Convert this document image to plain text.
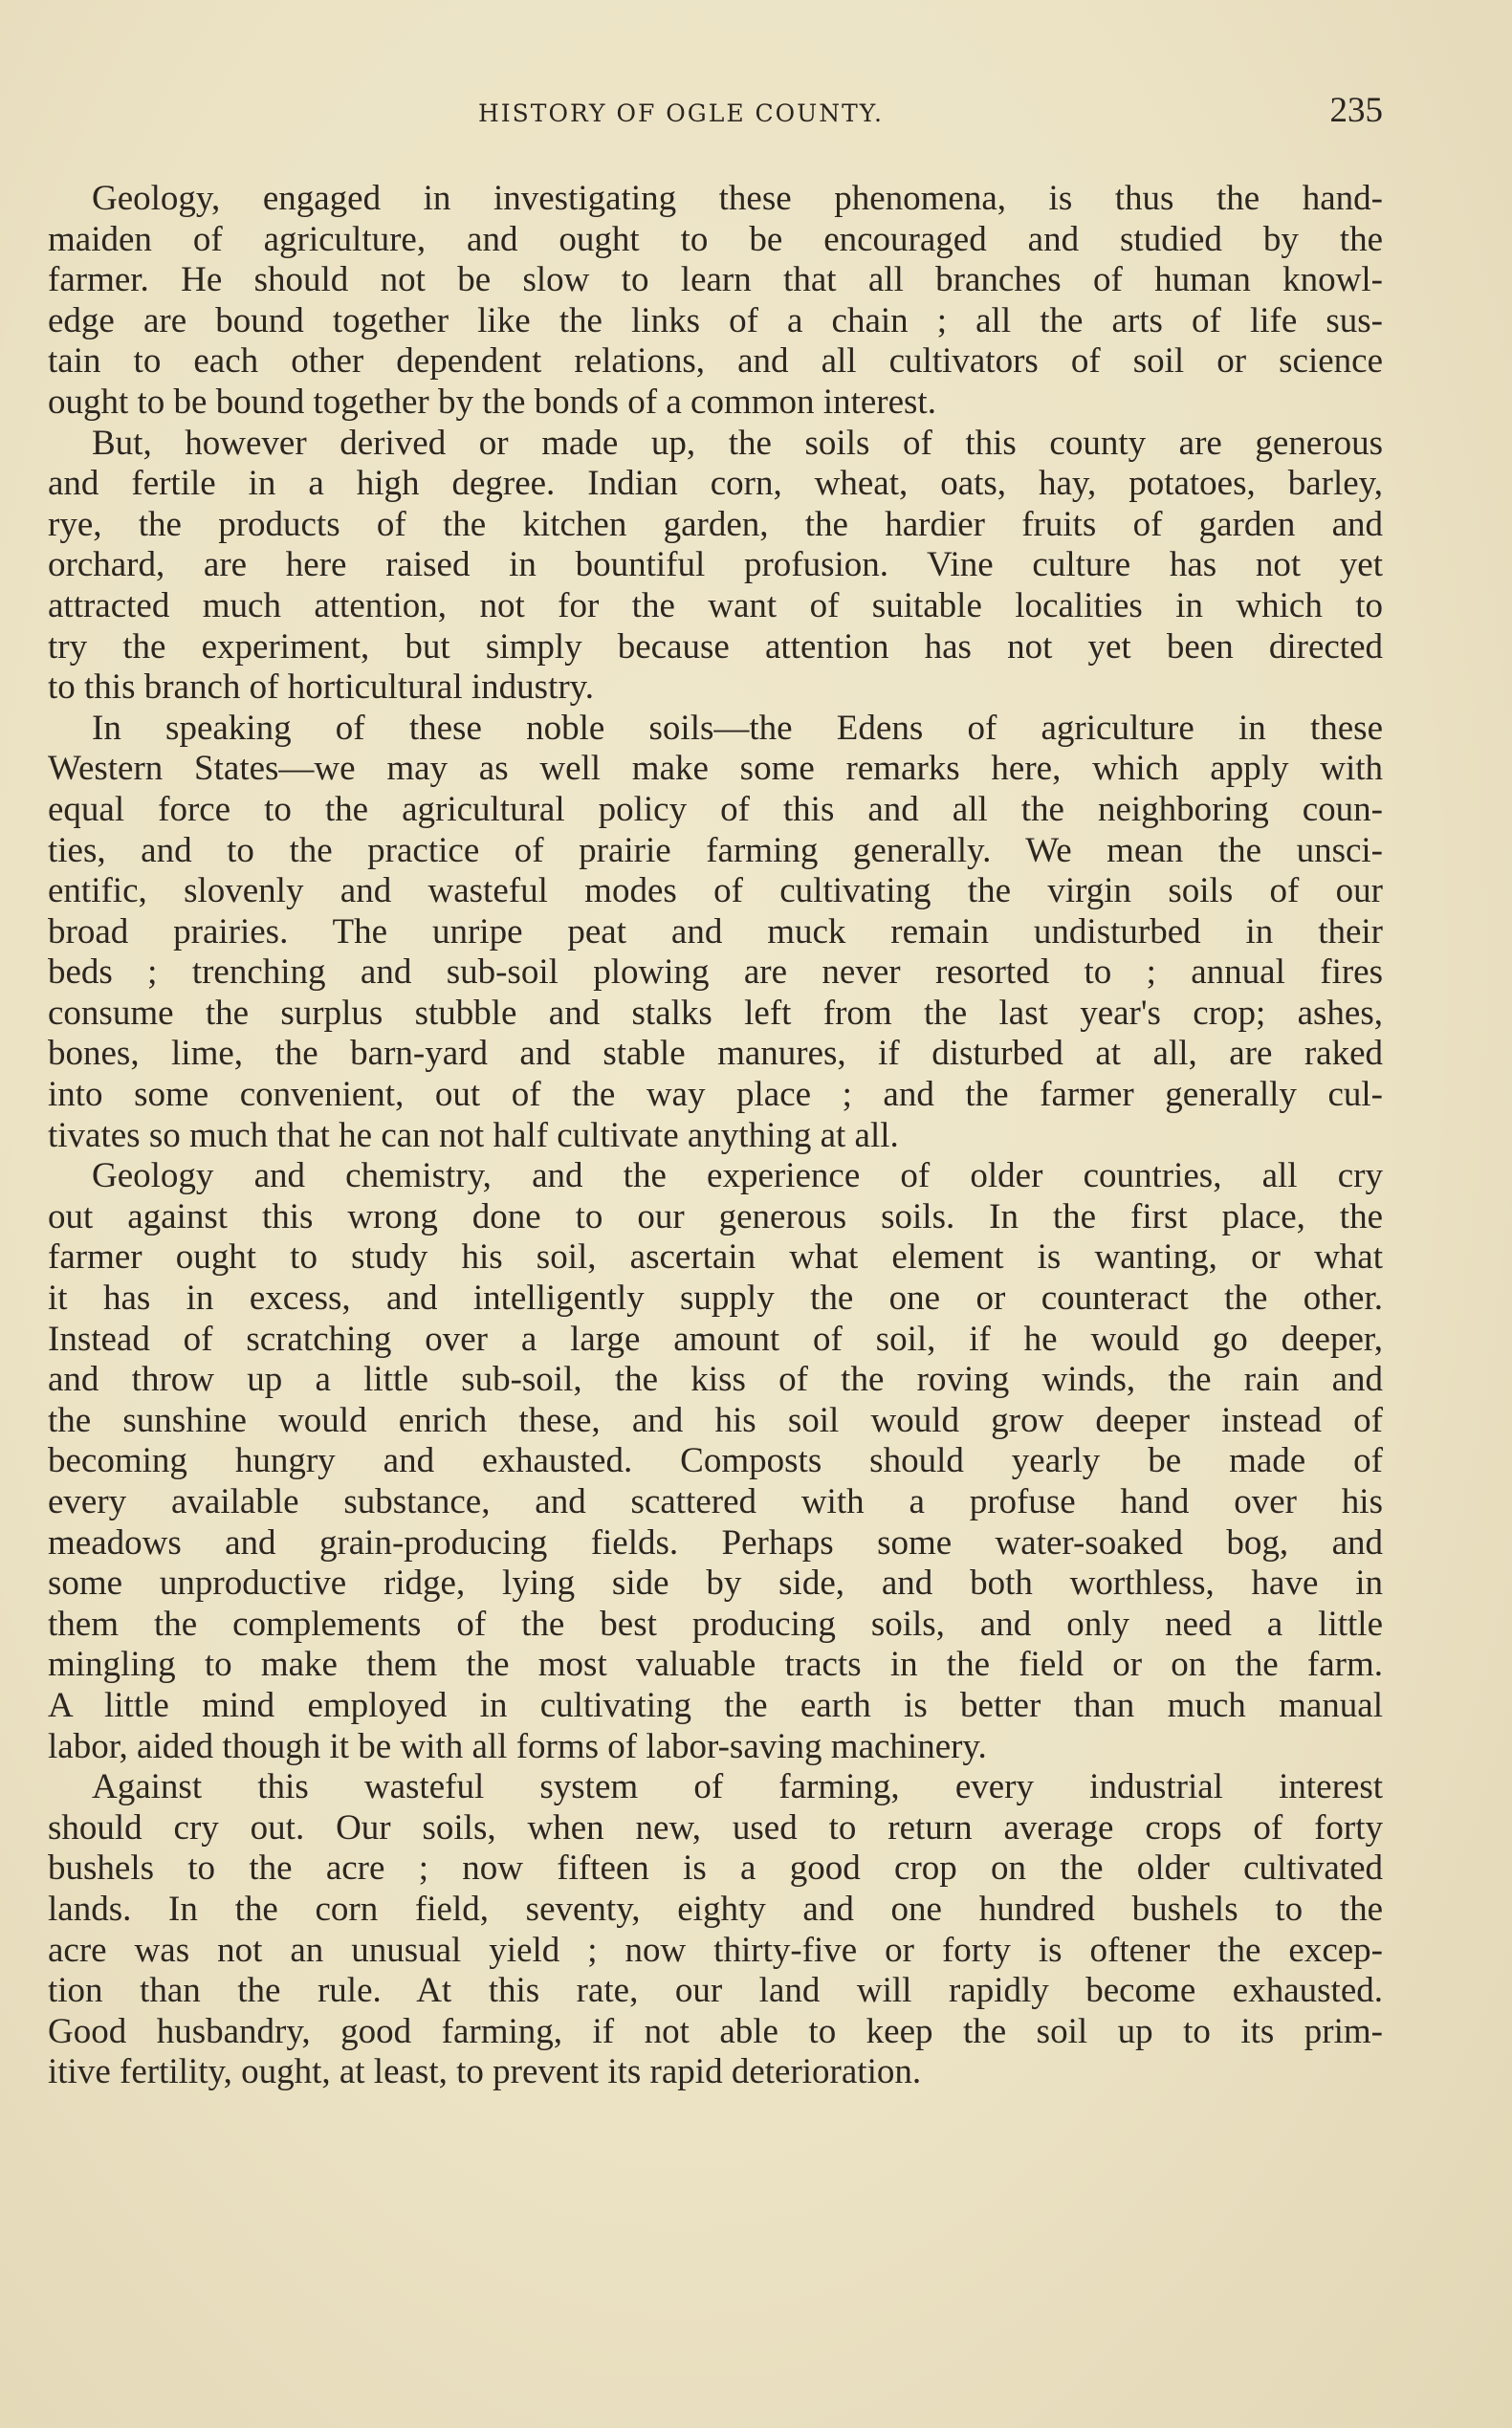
HISTORY OF OGLE COUNTY.	235
Geology, engaged in investigating these phenomena, is thus the hand-
maiden of agriculture, and ought to be encouraged and studied by the
farmer. He should not be slow to learn that all branches of human knowl-
edge are bound together like the links of a chain ; all the arts of life sus-
tain to each other dependent relations, and all cultivators of soil or science
ought to be bound together by the bonds of a common interest.
But, however derived or made up, the soils of this county are generous
and fertile in a high degree. Indian corn, wheat, oats, hay, potatoes, barley,
rye, the products of the kitchen garden, the hardier fruits of garden and
orchard, are here raised in bountiful profusion. Vine culture has not yet
attracted much attention, not for the want of suitable localities in which to
try the experiment, but simply because attention has not yet been directed
to this branch of horticultural industry.
In speaking of these noble soils—the Edens of agriculture in these
Western States—we may as well make some remarks here, which apply with
equal force to the agricultural policy of this and all the neighboring coun-
ties, and to the practice of prairie farming generally. We mean the unsci-
entific, slovenly and wasteful modes of cultivating the virgin soils of our
broad prairies. The unripe peat and muck remain undisturbed in their
beds ; trenching and sub-soil plowing are never resorted to ; annual fires
consume the surplus stubble and stalks left from the last year's crop; ashes,
bones, lime, the barn-yard and stable manures, if disturbed at all, are raked
into some convenient, out of the way place ; and the farmer generally cul-
tivates so much that he can not half cultivate anything at all.
Geology and chemistry, and the experience of older countries, all cry
out against this wrong done to our generous soils. In the first place, the
farmer ought to study his soil, ascertain what element is wanting, or what
it has in excess, and intelligently supply the one or counteract the other.
Instead of scratching over a large amount of soil, if he would go deeper,
and throw up a little sub-soil, the kiss of the roving winds, the rain and
the sunshine would enrich these, and his soil would grow deeper instead of
becoming hungry and exhausted. Composts should yearly be made of
every available substance, and scattered with a profuse hand over his
meadows and grain-producing fields. Perhaps some water-soaked bog, and
some unproductive ridge, lying side by side, and both worthless, have in
them the complements of the best producing soils, and only need a little
mingling to make them the most valuable tracts in the field or on the farm.
A little mind employed in cultivating the earth is better than much manual
labor, aided though it be with all forms of labor-saving machinery.
Against this wasteful system of farming, every industrial interest
should cry out. Our soils, when new, used to return average crops of forty
bushels to the acre ; now fifteen is a good crop on the older cultivated
lands. In the corn field, seventy, eighty and one hundred bushels to the
acre was not an unusual yield ; now thirty-five or forty is oftener the excep-
tion than the rule. At this rate, our land will rapidly become exhausted.
Good husbandry, good farming, if not able to keep the soil up to its prim-
itive fertility, ought, at least, to prevent its rapid deterioration.
